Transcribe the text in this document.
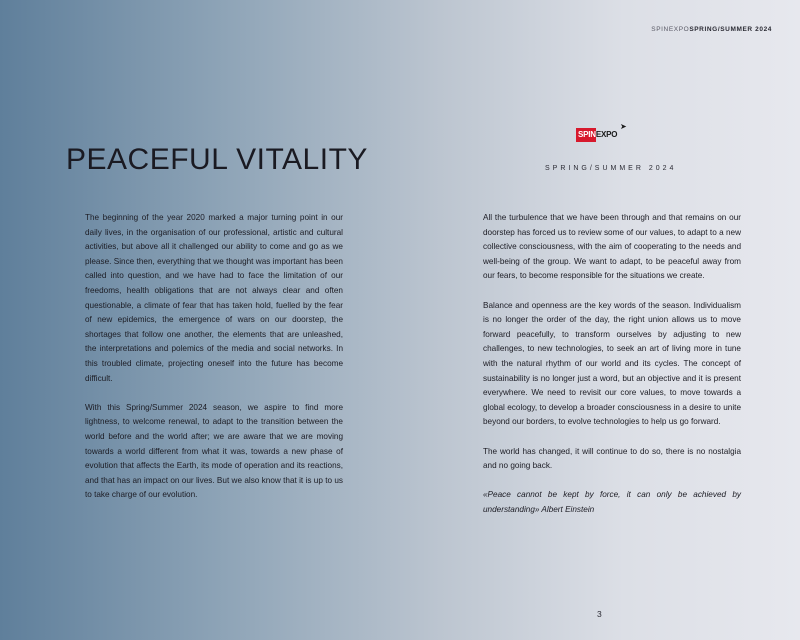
SPINEXPOSPRING/SUMMER 2024
PEACEFUL VITALITY
SPINEXPO
➤
SPRING/SUMMER 2024

The beginning of the year 2020 marked a major turning point in our daily lives, in the organisation of our professional, artistic and cultural activities, but above all it challenged our ability to come and go as we please. Since then, everything that we thought was important has been called into question, and we have had to face the limitation of our freedoms, health obligations that are not always clear and often questionable, a climate of fear that has taken hold, fuelled by the fear of new epidemics, the emergence of wars on our doorstep, the shortages that follow one another, the elements that are unleashed, the interpretations and polemics of the media and social networks. In this troubled climate, projecting oneself into the future has become difficult.

With this Spring/Summer 2024 season, we aspire to find more lightness, to welcome renewal, to adapt to the transition between the world before and the world after; we are aware that we are moving towards a world different from what it was, towards a new phase of evolution that affects the Earth, its mode of operation and its reactions, and that has an impact on our lives. But we also know that it is up to us to take charge of our evolution.

All the turbulence that we have been through and that remains on our doorstep has forced us to review some of our values, to adapt to a new collective consciousness, with the aim of cooperating to the needs and well-being of the group. We want to adapt, to be peaceful away from our fears, to become responsible for the situations we create.

Balance and openness are the key words of the season. Individualism is no longer the order of the day, the right union allows us to move forward peacefully, to transform ourselves by adjusting to new challenges, to new technologies, to seek an art of living more in tune with the natural rhythm of our world and its cycles. The concept of sustainability is no longer just a word, but an objective and it is present everywhere. We need to revisit our core values, to move towards a global ecology, to develop a broader consciousness in a desire to unite beyond our borders, to evolve technologies to help us go forward.

The world has changed, it will continue to do so, there is no nostalgia and no going back.

«Peace cannot be kept by force, it can only be achieved by understanding» Albert Einstein

3
